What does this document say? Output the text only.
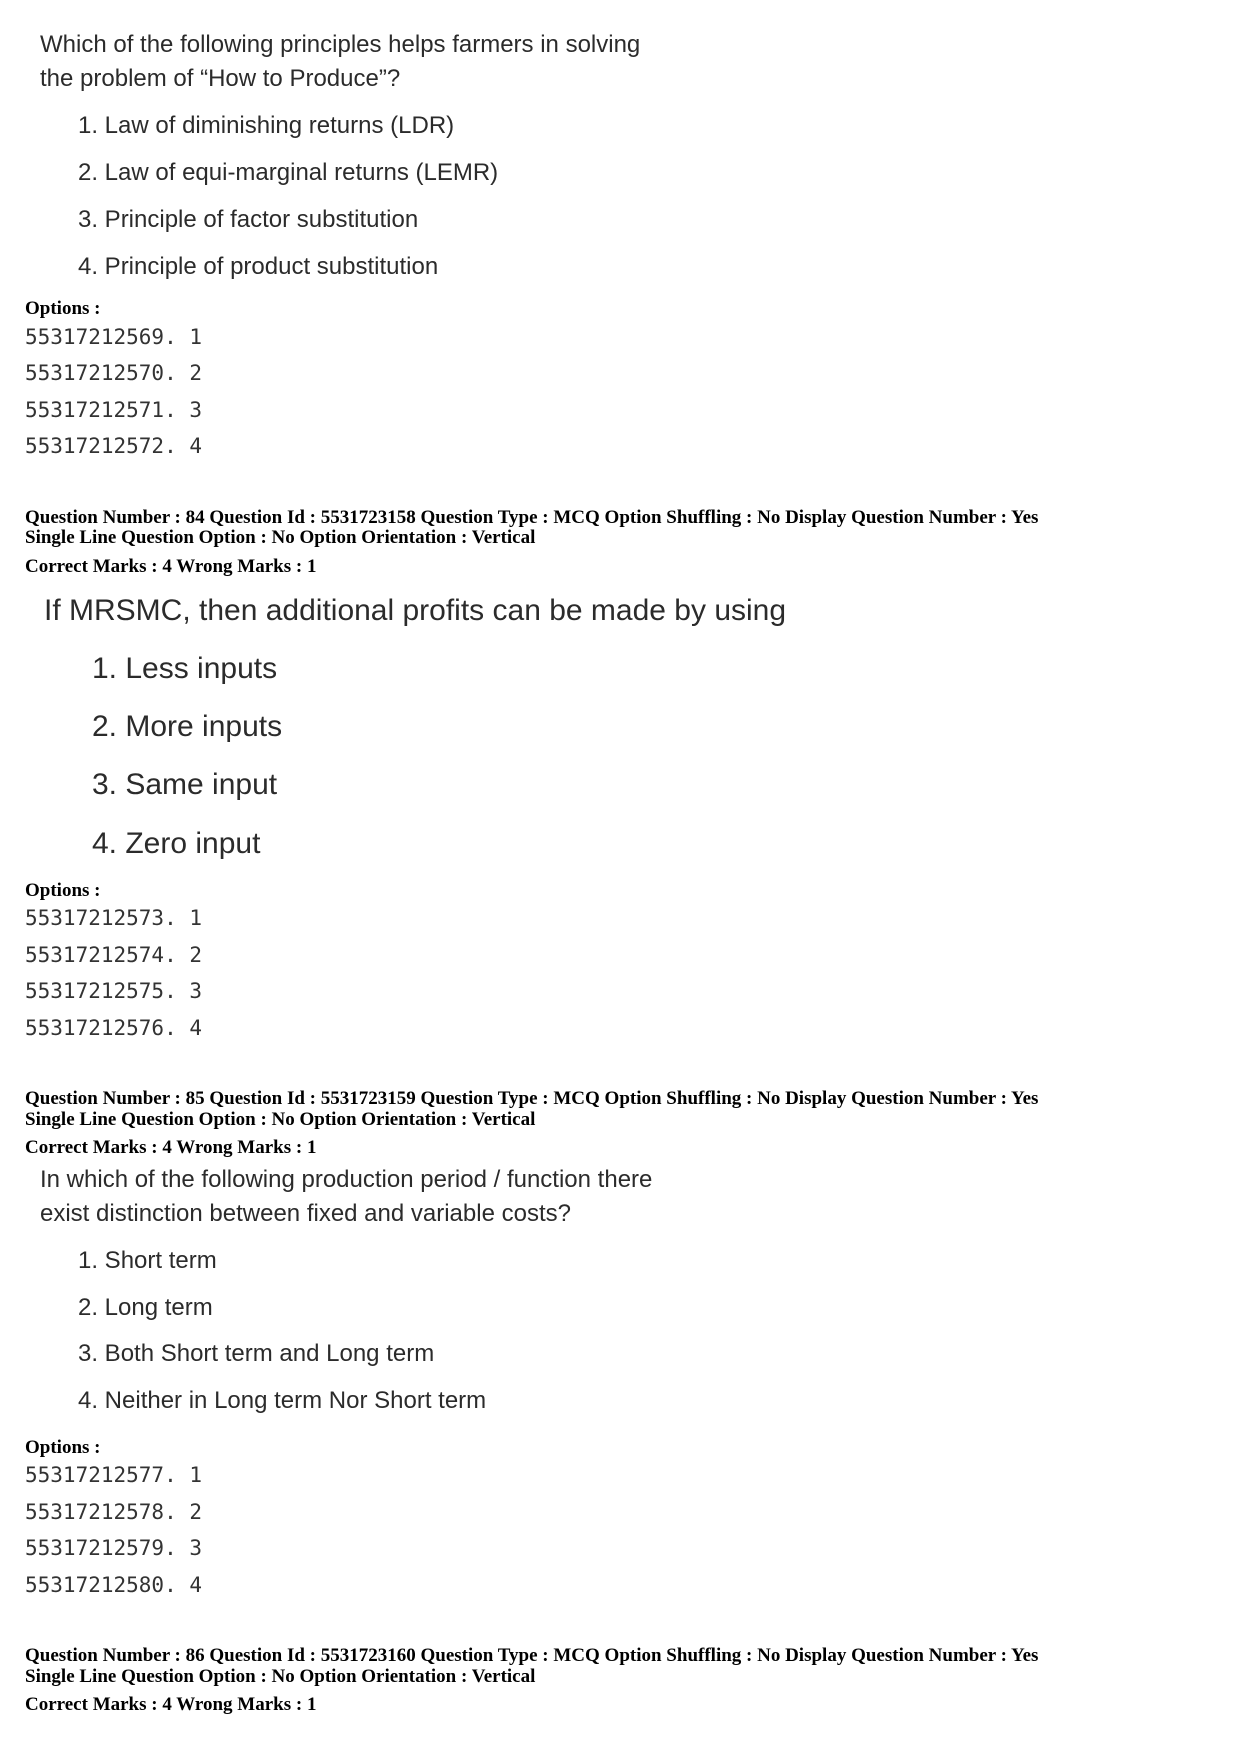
Which of the following principles helps farmers in solving
the problem of “How to Produce”?
1. Law of diminishing returns (LDR)
2. Law of equi-marginal returns (LEMR)
3. Principle of factor substitution
4. Principle of product substitution
Options :
55317212569. 1
55317212570. 2
55317212571. 3
55317212572. 4
Question Number : 84 Question Id : 5531723158 Question Type : MCQ Option Shuffling : No Display Question Number : Yes
Single Line Question Option : No Option Orientation : Vertical
Correct Marks : 4 Wrong Marks : 1
If MRSMC, then additional profits can be made by using
1. Less inputs
2. More inputs
3. Same input
4. Zero input
Options :
55317212573. 1
55317212574. 2
55317212575. 3
55317212576. 4
Question Number : 85 Question Id : 5531723159 Question Type : MCQ Option Shuffling : No Display Question Number : Yes
Single Line Question Option : No Option Orientation : Vertical
Correct Marks : 4 Wrong Marks : 1
In which of the following production period / function there
exist distinction between fixed and variable costs?
1. Short term
2. Long term
3. Both Short term and Long term
4. Neither in Long term Nor Short term
Options :
55317212577. 1
55317212578. 2
55317212579. 3
55317212580. 4
Question Number : 86 Question Id : 5531723160 Question Type : MCQ Option Shuffling : No Display Question Number : Yes
Single Line Question Option : No Option Orientation : Vertical
Correct Marks : 4 Wrong Marks : 1
